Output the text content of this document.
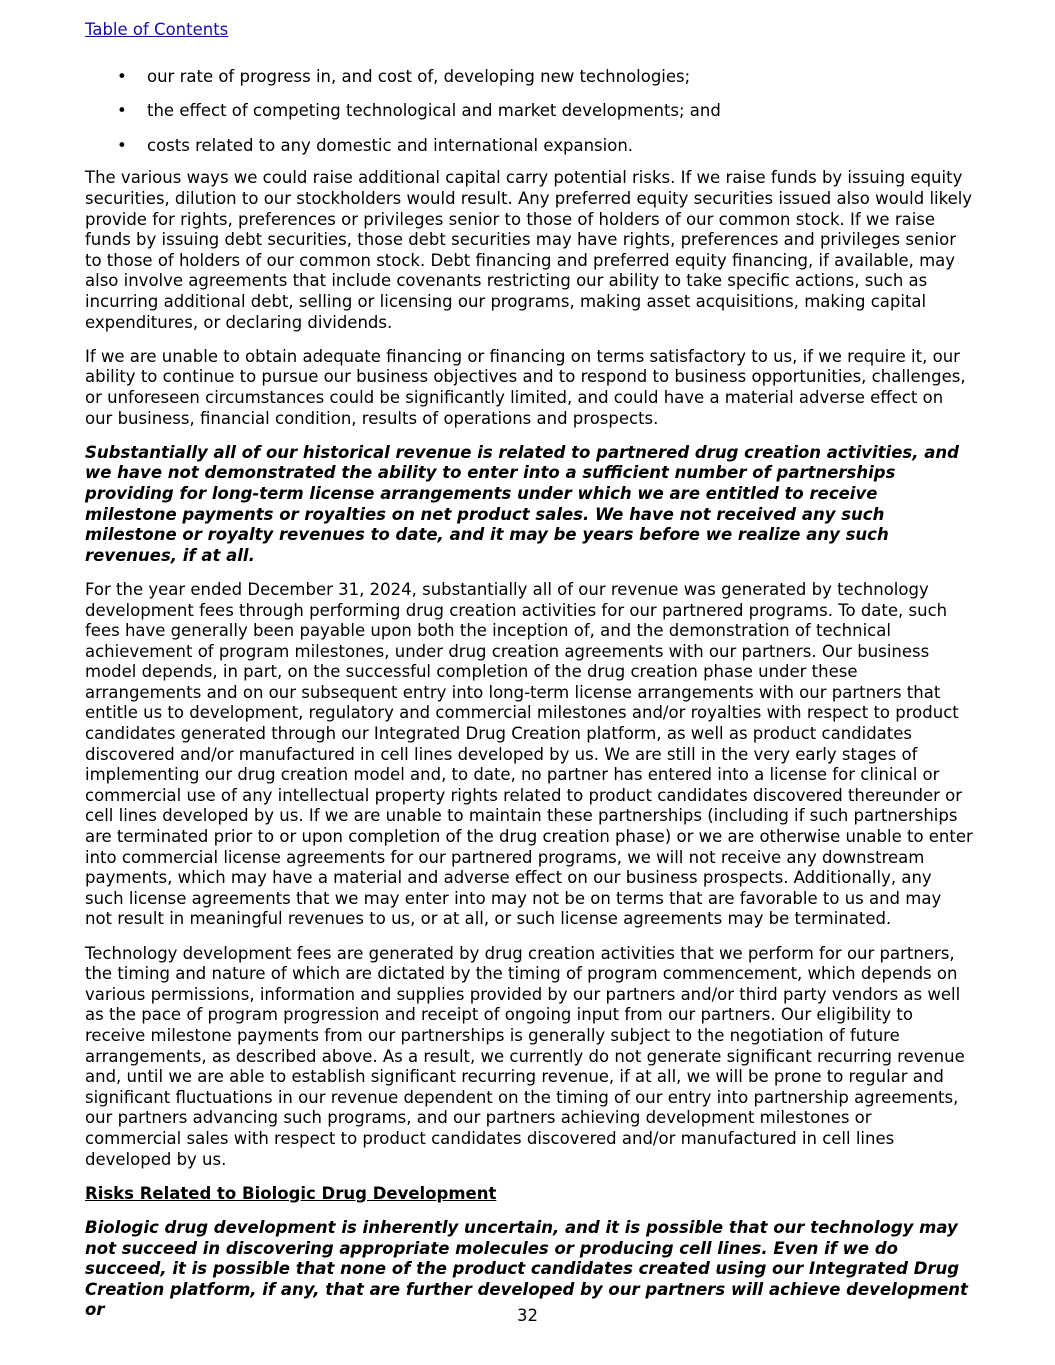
Table of Contents
• our rate of progress in, and cost of, developing new technologies;
• the effect of competing technological and market developments; and
• costs related to any domestic and international expansion.

The various ways we could raise additional capital carry potential risks. If we raise funds by issuing equity securities, dilution to our stockholders would result. Any preferred equity securities issued also would likely provide for rights, preferences or privileges senior to those of holders of our common stock. If we raise funds by issuing debt securities, those debt securities may have rights, preferences and privileges senior to those of holders of our common stock. Debt financing and preferred equity financing, if available, may also involve agreements that include covenants restricting our ability to take specific actions, such as incurring additional debt, selling or licensing our programs, making asset acquisitions, making capital expenditures, or declaring dividends.

If we are unable to obtain adequate financing or financing on terms satisfactory to us, if we require it, our ability to continue to pursue our business objectives and to respond to business opportunities, challenges, or unforeseen circumstances could be significantly limited, and could have a material adverse effect on our business, financial condition, results of operations and prospects.

Substantially all of our historical revenue is related to partnered drug creation activities, and we have not demonstrated the ability to enter into a sufficient number of partnerships providing for long-term license arrangements under which we are entitled to receive milestone payments or royalties on net product sales. We have not received any such milestone or royalty revenues to date, and it may be years before we realize any such revenues, if at all.

For the year ended December 31, 2024, substantially all of our revenue was generated by technology development fees through performing drug creation activities for our partnered programs. To date, such fees have generally been payable upon both the inception of, and the demonstration of technical achievement of program milestones, under drug creation agreements with our partners. Our business model depends, in part, on the successful completion of the drug creation phase under these arrangements and on our subsequent entry into long-term license arrangements with our partners that entitle us to development, regulatory and commercial milestones and/or royalties with respect to product candidates generated through our Integrated Drug Creation platform, as well as product candidates discovered and/or manufactured in cell lines developed by us. We are still in the very early stages of implementing our drug creation model and, to date, no partner has entered into a license for clinical or commercial use of any intellectual property rights related to product candidates discovered thereunder or cell lines developed by us. If we are unable to maintain these partnerships (including if such partnerships are terminated prior to or upon completion of the drug creation phase) or we are otherwise unable to enter into commercial license agreements for our partnered programs, we will not receive any downstream payments, which may have a material and adverse effect on our business prospects. Additionally, any such license agreements that we may enter into may not be on terms that are favorable to us and may not result in meaningful revenues to us, or at all, or such license agreements may be terminated.

Technology development fees are generated by drug creation activities that we perform for our partners, the timing and nature of which are dictated by the timing of program commencement, which depends on various permissions, information and supplies provided by our partners and/or third party vendors as well as the pace of program progression and receipt of ongoing input from our partners. Our eligibility to receive milestone payments from our partnerships is generally subject to the negotiation of future arrangements, as described above. As a result, we currently do not generate significant recurring revenue and, until we are able to establish significant recurring revenue, if at all, we will be prone to regular and significant fluctuations in our revenue dependent on the timing of our entry into partnership agreements, our partners advancing such programs, and our partners achieving development milestones or commercial sales with respect to product candidates discovered and/or manufactured in cell lines developed by us.

Risks Related to Biologic Drug Development

Biologic drug development is inherently uncertain, and it is possible that our technology may not succeed in discovering appropriate molecules or producing cell lines. Even if we do succeed, it is possible that none of the product candidates created using our Integrated Drug Creation platform, if any, that are further developed by our partners will achieve development or	32
